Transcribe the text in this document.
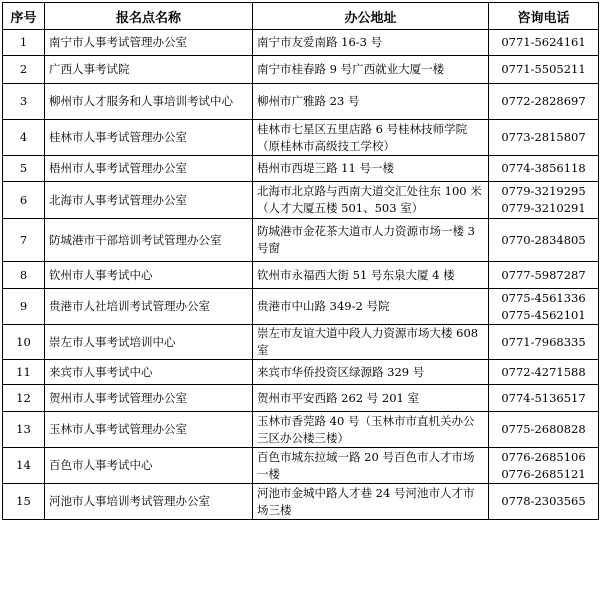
序号	报名点名称	办公地址	咨询电话
1	南宁市人事考试管理办公室	南宁市友爱南路 16-3 号	0771-5624161

2	广西人事考试院	南宁市桂春路 9 号广西就业大厦一楼	0771-5505211

3	柳州市人才服务和人事培训考试中心	柳州市广雅路 23 号	0772-2828697

4	桂林市人事考试管理办公室	桂林市七星区五里店路 6 号桂林技师学院（原桂林市高级技工学校）	0773-2815807

5	梧州市人事考试管理办公室	梧州市西堤三路 11 号一楼	0774-3856118

6	北海市人事考试管理办公室	北海市北京路与西南大道交汇处往东 100 米（人才大厦五楼 501、503 室）	0779-3219295
0779-3210291

7	防城港市干部培训考试管理办公室	防城港市金花茶大道市人力资源市场一楼 3 号窗	0770-2834805

8	钦州市人事考试中心	钦州市永福西大街 51 号东泉大厦 4 楼	0777-5987287

9	贵港市人社培训考试管理办公室	贵港市中山路 349-2 号院	0775-4561336
0775-4562101

10	崇左市人事考试培训中心	崇左市友谊大道中段人力资源市场大楼 608 室	0771-7968335

11	来宾市人事考试中心	来宾市华侨投资区绿源路 329 号	0772-4271588

12	贺州市人事考试管理办公室	贺州市平安西路 262 号 201 室	0774-5136517

13	玉林市人事考试管理办公室	玉林市香莞路 40 号（玉林市市直机关办公三区办公楼三楼）	0775-2680828

14	百色市人事考试中心	百色市城东拉域一路 20 号百色市人才市场一楼	0776-2685106
0776-2685121

15	河池市人事培训考试管理办公室	河池市金城中路人才巷 24 号河池市人才市场三楼	0778-2303565
